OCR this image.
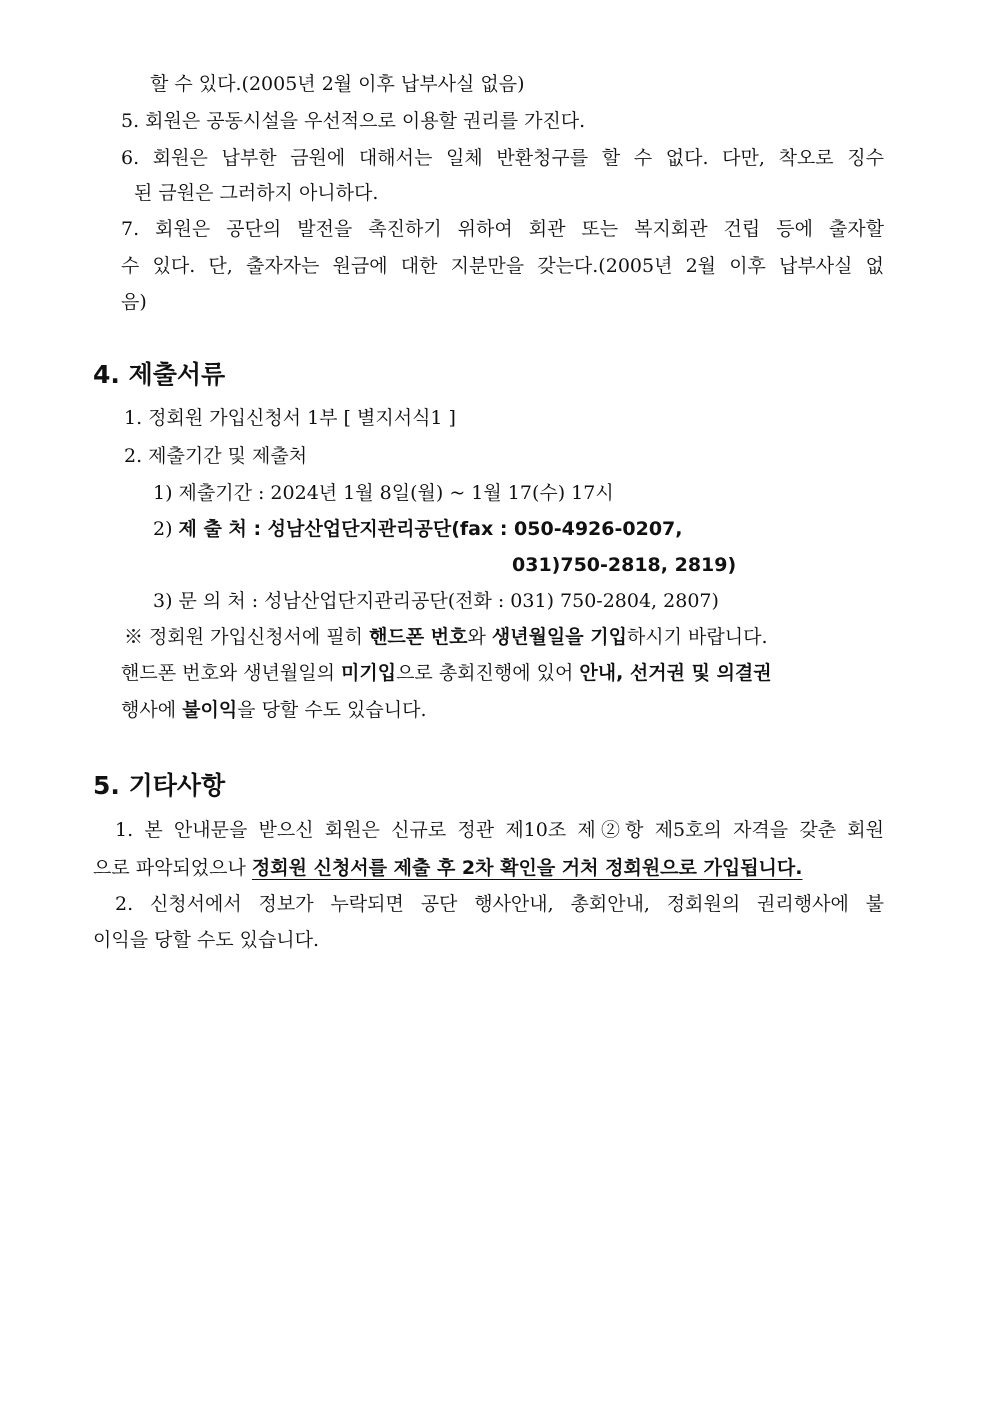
할 수 있다.(2005년 2월 이후 납부사실 없음)
5. 회원은 공동시설을 우선적으로 이용할 권리를 가진다.
6. 회원은 납부한 금원에 대해서는 일체 반환청구를 할 수 없다. 다만, 착오로 징수
된 금원은 그러하지 아니하다.
7. 회원은 공단의 발전을 촉진하기 위하여 회관 또는 복지회관 건립 등에 출자할
수 있다. 단, 출자자는 원금에 대한 지분만을 갖는다.(2005년 2월 이후 납부사실 없
음)
4. 제출서류
1. 정회원 가입신청서 1부 [ 별지서식1 ]
2. 제출기간 및 제출처
1) 제출기간 : 2024년 1월 8일(월) ~ 1월 17(수) 17시
2) 제 출 처 : 성남산업단지관리공단(fax : 050-4926-0207,
031)750-2818, 2819)
3) 문 의 처 : 성남산업단지관리공단(전화 : 031) 750-2804, 2807)
※ 정회원 가입신청서에 필히 핸드폰 번호와 생년월일을 기입하시기 바랍니다.
핸드폰 번호와 생년월일의 미기입으로 총회진행에 있어 안내, 선거권 및 의결권
행사에 불이익을 당할 수도 있습니다.
5. 기타사항
1. 본 안내문을 받으신 회원은 신규로 정관 제10조 제②항 제5호의 자격을 갖춘 회원
으로 파악되었으나 정회원 신청서를 제출 후 2차 확인을 거처 정회원으로 가입됩니다.
2. 신청서에서 정보가 누락되면 공단 행사안내, 총회안내, 정회원의 권리행사에 불
이익을 당할 수도 있습니다.
